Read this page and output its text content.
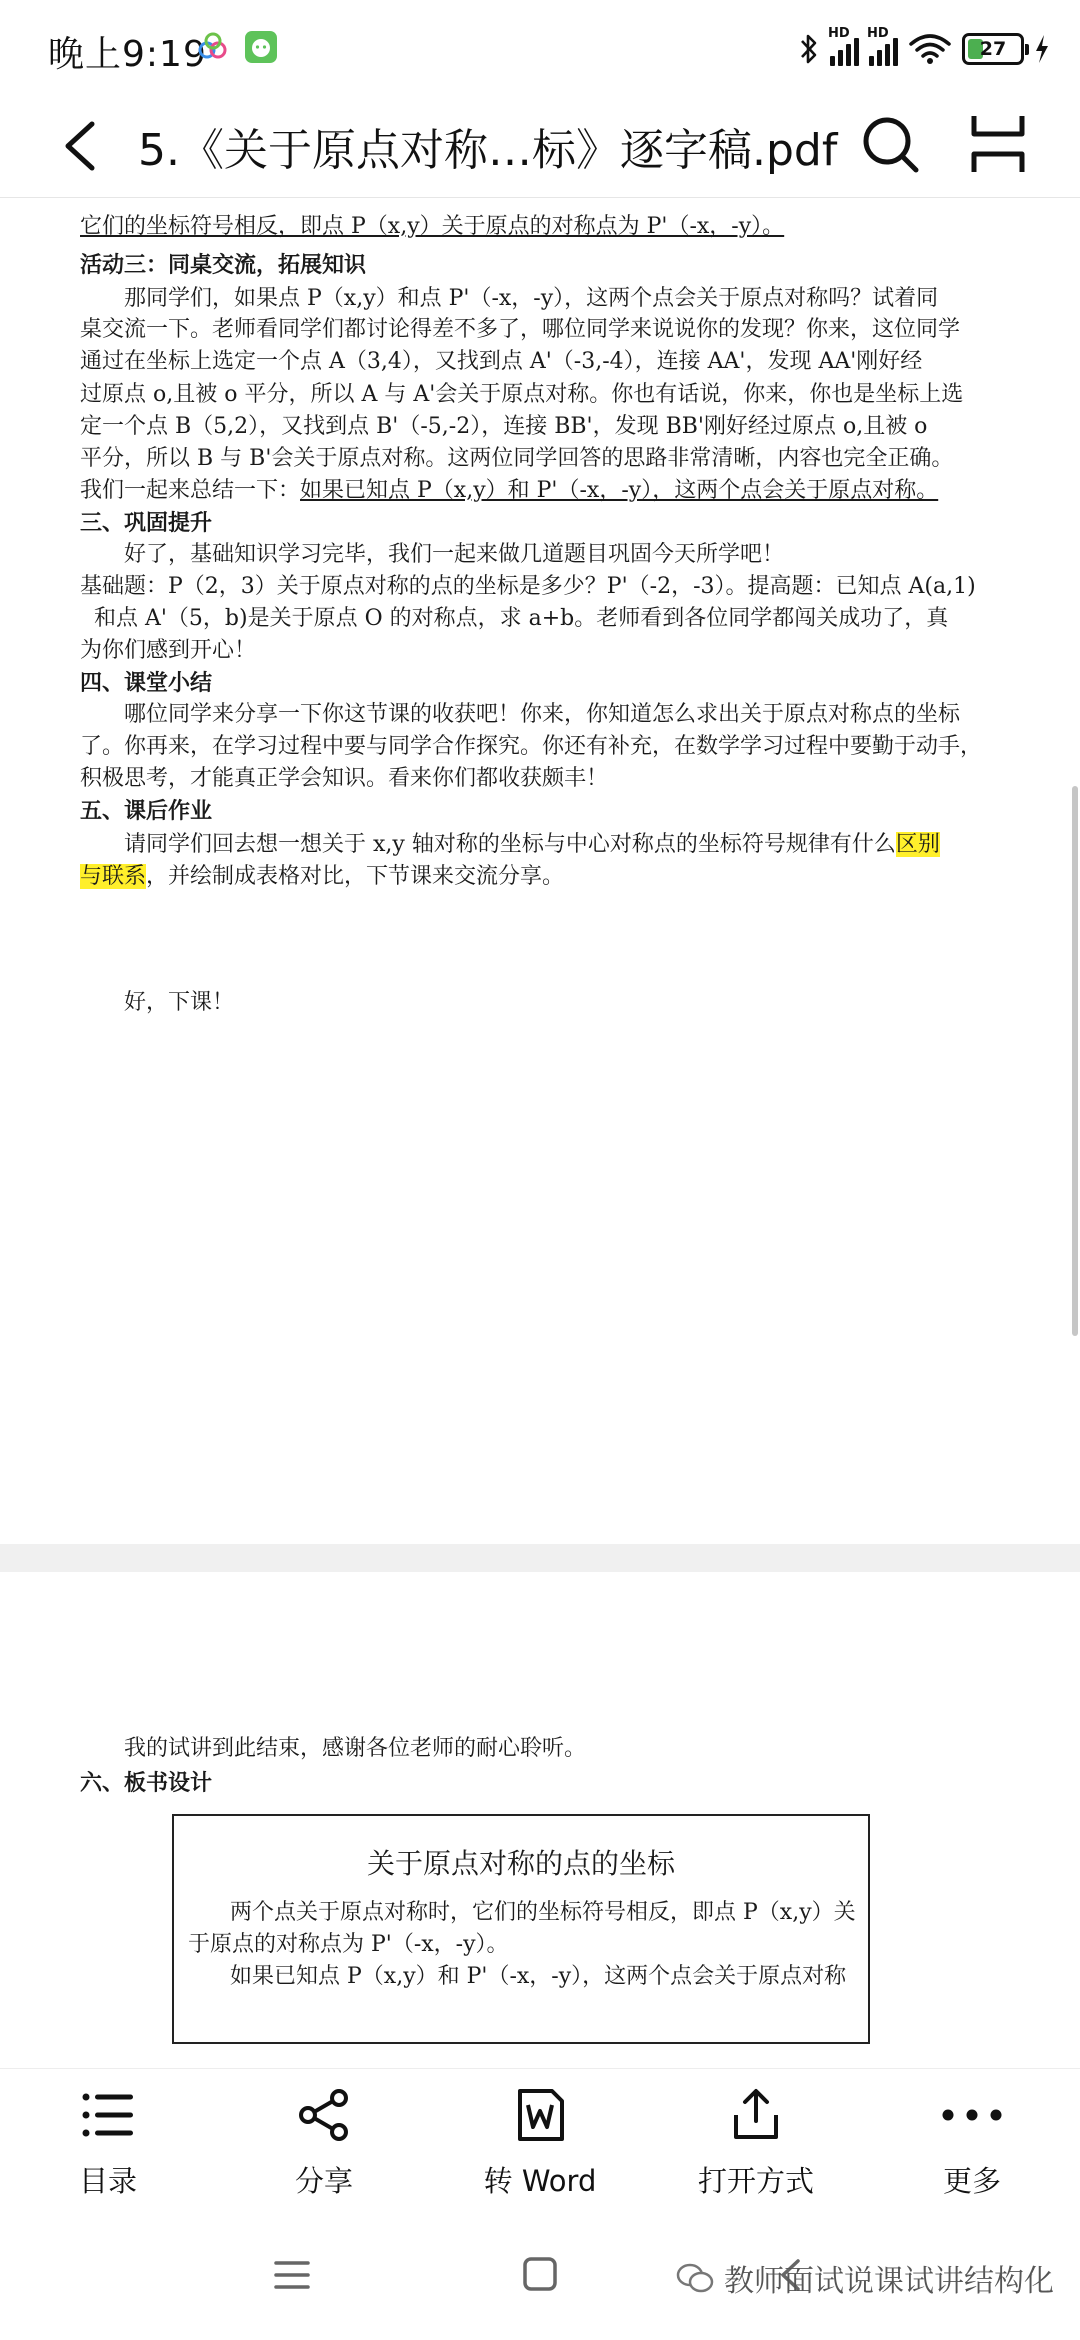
晚上9:19
HD HD
27
5.《关于原点对称…标》逐字稿.pdf
它们的坐标符号相反，即点 P（x,y）关于原点的对称点为 P'（-x，-y）。
活动三：同桌交流，拓展知识
那同学们，如果点 P（x,y）和点 P'（-x，-y），这两个点会关于原点对称吗？试着同
桌交流一下。老师看同学们都讨论得差不多了，哪位同学来说说你的发现？你来，这位同学
通过在坐标上选定一个点 A（3,4），又找到点 A'（-3,-4），连接 AA'，发现 AA'刚好经
过原点 o,且被 o 平分，所以 A 与 A'会关于原点对称。你也有话说，你来，你也是坐标上选
定一个点 B（5,2），又找到点 B'（-5,-2），连接 BB'，发现 BB'刚好经过原点 o,且被 o
平分，所以 B 与 B'会关于原点对称。这两位同学回答的思路非常清晰，内容也完全正确。
我们一起来总结一下：如果已知点 P（x,y）和 P'（-x，-y），这两个点会关于原点对称。
三、巩固提升
好了，基础知识学习完毕，我们一起来做几道题目巩固今天所学吧！
基础题：P（2，3）关于原点对称的点的坐标是多少？P'（-2，-3）。提高题：已知点 A(a,1)
和点 A'（5，b)是关于原点 O 的对称点，求 a+b。老师看到各位同学都闯关成功了，真
为你们感到开心！
四、课堂小结
哪位同学来分享一下你这节课的收获吧！你来，你知道怎么求出关于原点对称点的坐标
了。你再来，在学习过程中要与同学合作探究。你还有补充，在数学学习过程中要勤于动手，
积极思考，才能真正学会知识。看来你们都收获颇丰！
五、课后作业
请同学们回去想一想关于 x,y 轴对称的坐标与中心对称点的坐标符号规律有什么区别
与联系，并绘制成表格对比，下节课来交流分享。
好，下课！
我的试讲到此结束，感谢各位老师的耐心聆听。
六、板书设计
关于原点对称的点的坐标
两个点关于原点对称时，它们的坐标符号相反，即点 P（x,y）关
于原点的对称点为 P'（-x，-y）。
如果已知点 P（x,y）和 P'（-x，-y），这两个点会关于原点对称
目录	分享	转 Word	打开方式	更多
教师面试说课试讲结构化
